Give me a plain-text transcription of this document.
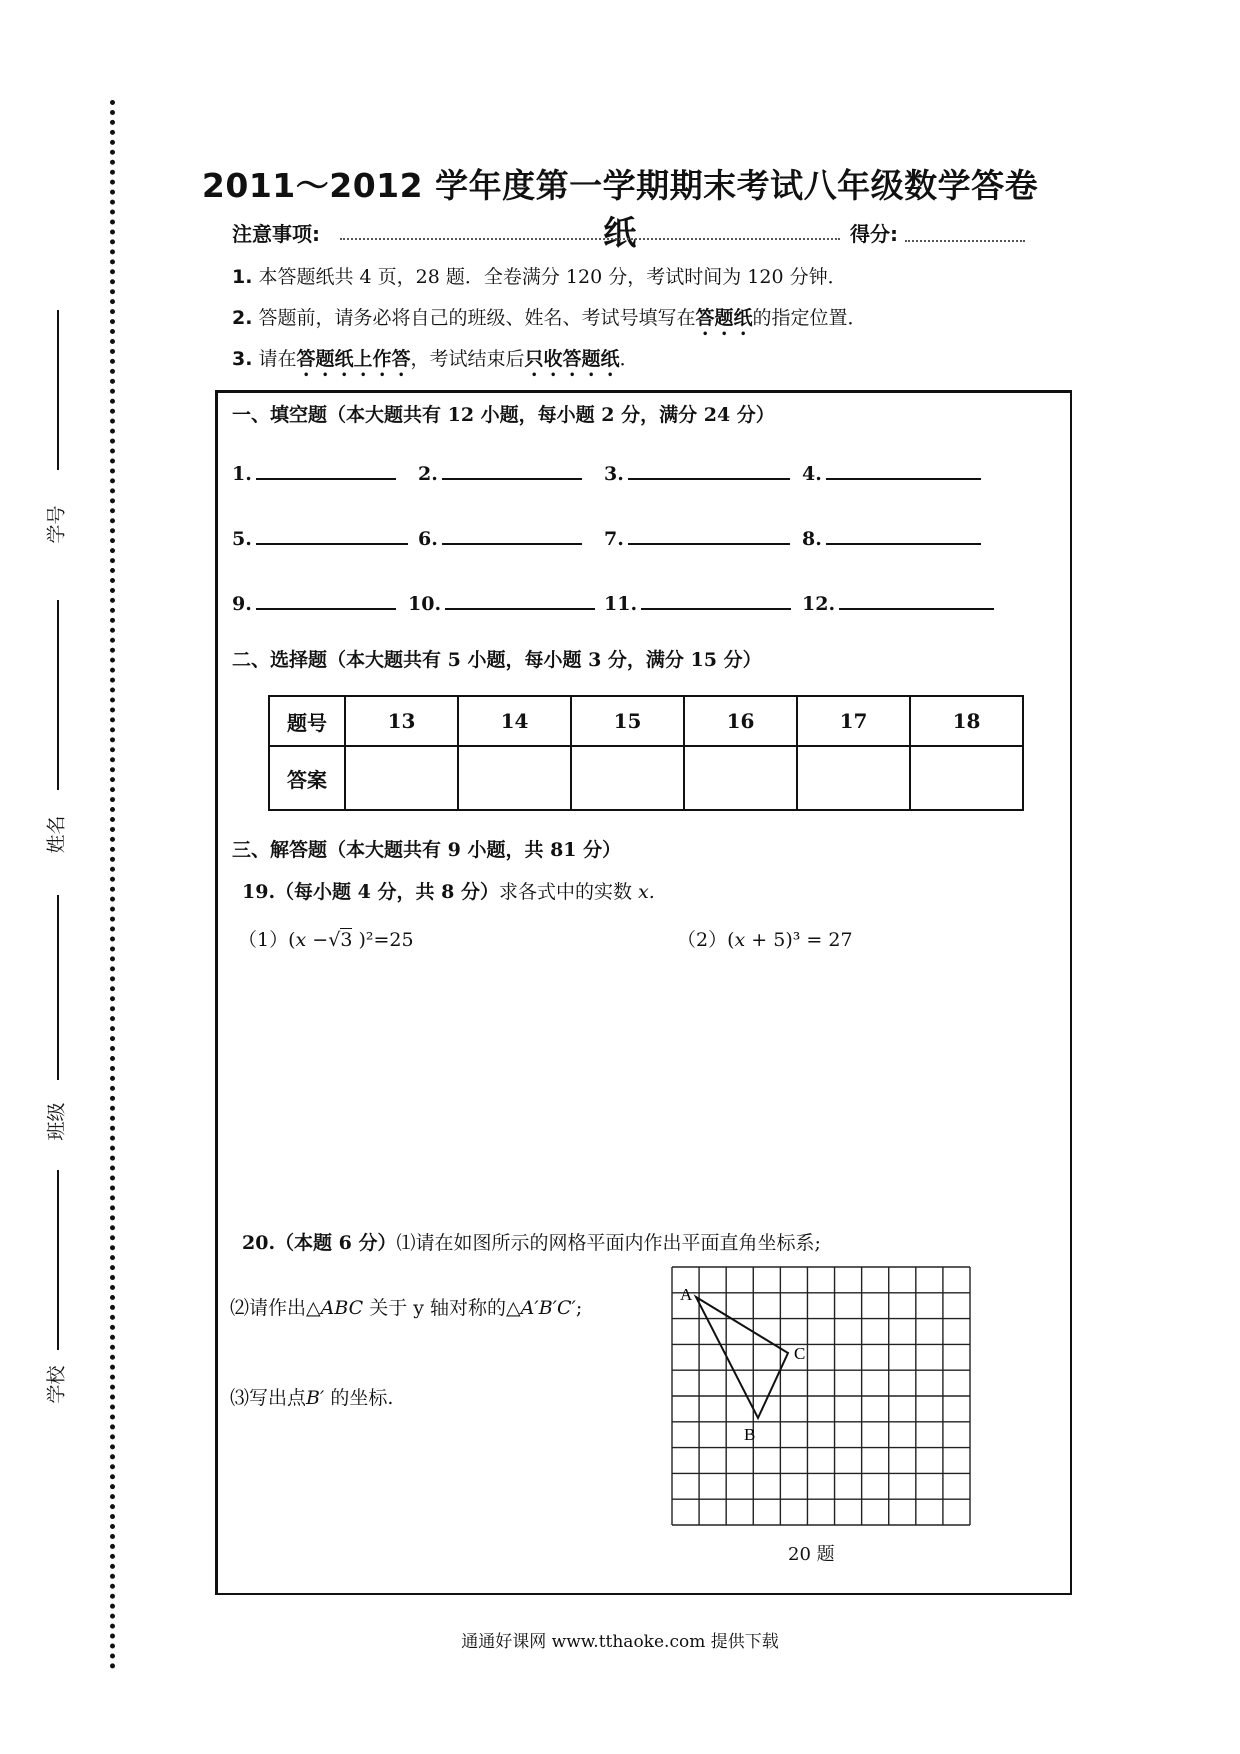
学号
姓名
班级
学校
2011～2012 学年度第一学期期末考试八年级数学答卷纸
注意事项:	得分:
1. 本答题纸共 4 页，28 题．全卷满分 120 分，考试时间为 120 分钟．
2. 答题前，请务必将自己的班级、姓名、考试号填写在答题纸的指定位置．
3. 请在答题纸上作答，考试结束后只收答题纸．
一、填空题（本大题共有 12 小题，每小题 2 分，满分 24 分）
1.	2.	3.	4.
5.	6.	7.	8.
9.	10.	11.	12.
二、选择题（本大题共有 5 小题，每小题 3 分，满分 15 分）
题号	13	14	15	16	17	18
答案						
三、解答题（本大题共有 9 小题，共 81 分）
19.（每小题 4 分，共 8 分）求各式中的实数 x.
（1）(x −√3 )²=25	（2）(x + 5)³ = 27
20.（本题 6 分）⑴请在如图所示的网格平面内作出平面直角坐标系;
⑵请作出△ABC 关于 y 轴对称的△A′B′C′;
⑶写出点B′ 的坐标.
A
C
B
20 题
通通好课网 www.tthaoke.com 提供下载
